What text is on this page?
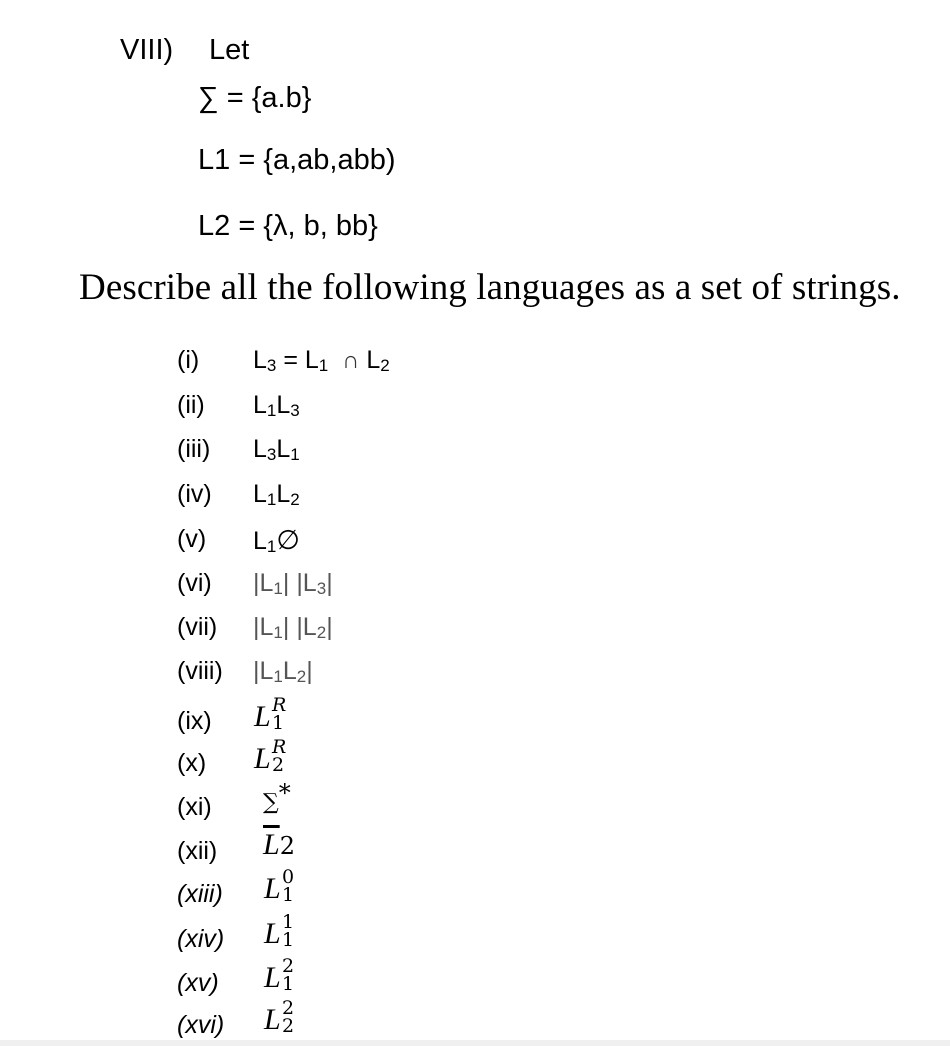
VIII) Let
∑ = {a.b}
L1 = {a,ab,abb)
L2 = {λ, b, bb}
Describe all the following languages as a set of strings.
(i) L3 = L1 ∩ L2
(ii) L1L3
(iii) L3L1
(iv) L1L2
(v) L1∅
(vi) |L1| |L3|
(vii) |L1| |L2|
(viii) |L1L2|
(ix) L R
1
(x) L R
2
(xi) ∑*
(xii) $\overline{L}2$
(xiii) L 0
1
(xiv) L 1
1
(xv) L 2
1
(xvi) L 2
2
